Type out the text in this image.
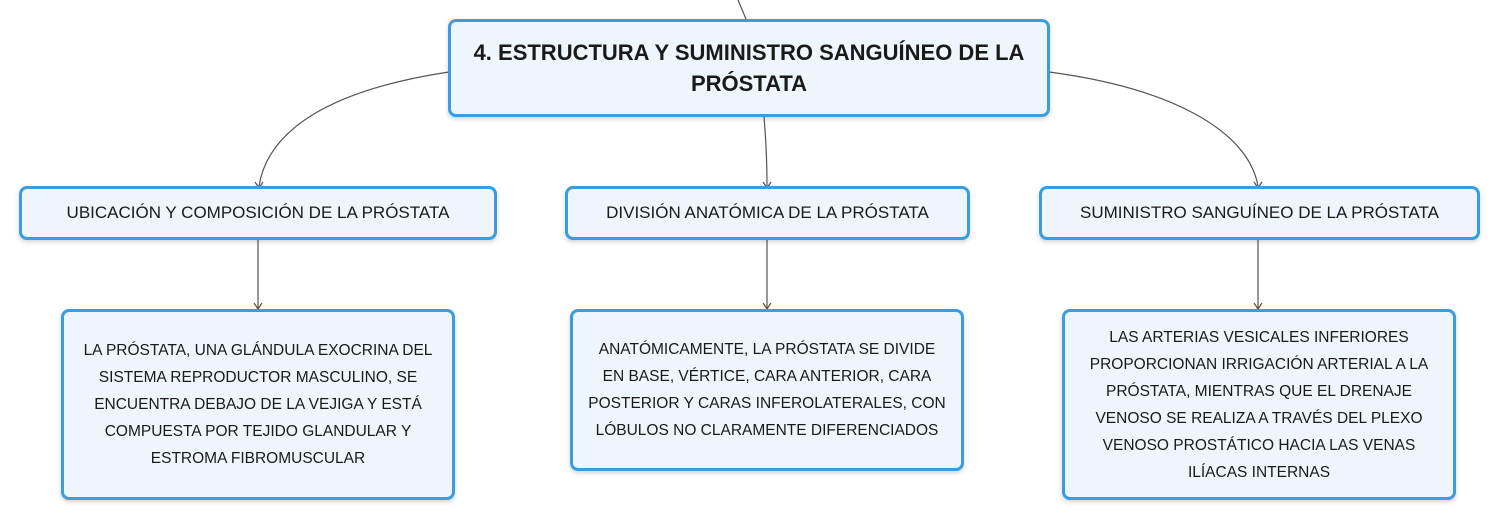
4. ESTRUCTURA Y SUMINISTRO SANGUÍNEO DE LA PRÓSTATA
UBICACIÓN Y COMPOSICIÓN DE LA PRÓSTATA	DIVISIÓN ANATÓMICA DE LA PRÓSTATA	SUMINISTRO SANGUÍNEO DE LA PRÓSTATA
LA PRÓSTATA, UNA GLÁNDULA EXOCRINA DEL SISTEMA REPRODUCTOR MASCULINO, SE ENCUENTRA DEBAJO DE LA VEJIGA Y ESTÁ COMPUESTA POR TEJIDO GLANDULAR Y ESTROMA FIBROMUSCULAR
ANATÓMICAMENTE, LA PRÓSTATA SE DIVIDE EN BASE, VÉRTICE, CARA ANTERIOR, CARA POSTERIOR Y CARAS INFEROLATERALES, CON LÓBULOS NO CLARAMENTE DIFERENCIADOS
LAS ARTERIAS VESICALES INFERIORES PROPORCIONAN IRRIGACIÓN ARTERIAL A LA PRÓSTATA, MIENTRAS QUE EL DRENAJE VENOSO SE REALIZA A TRAVÉS DEL PLEXO VENOSO PROSTÁTICO HACIA LAS VENAS ILÍACAS INTERNAS
